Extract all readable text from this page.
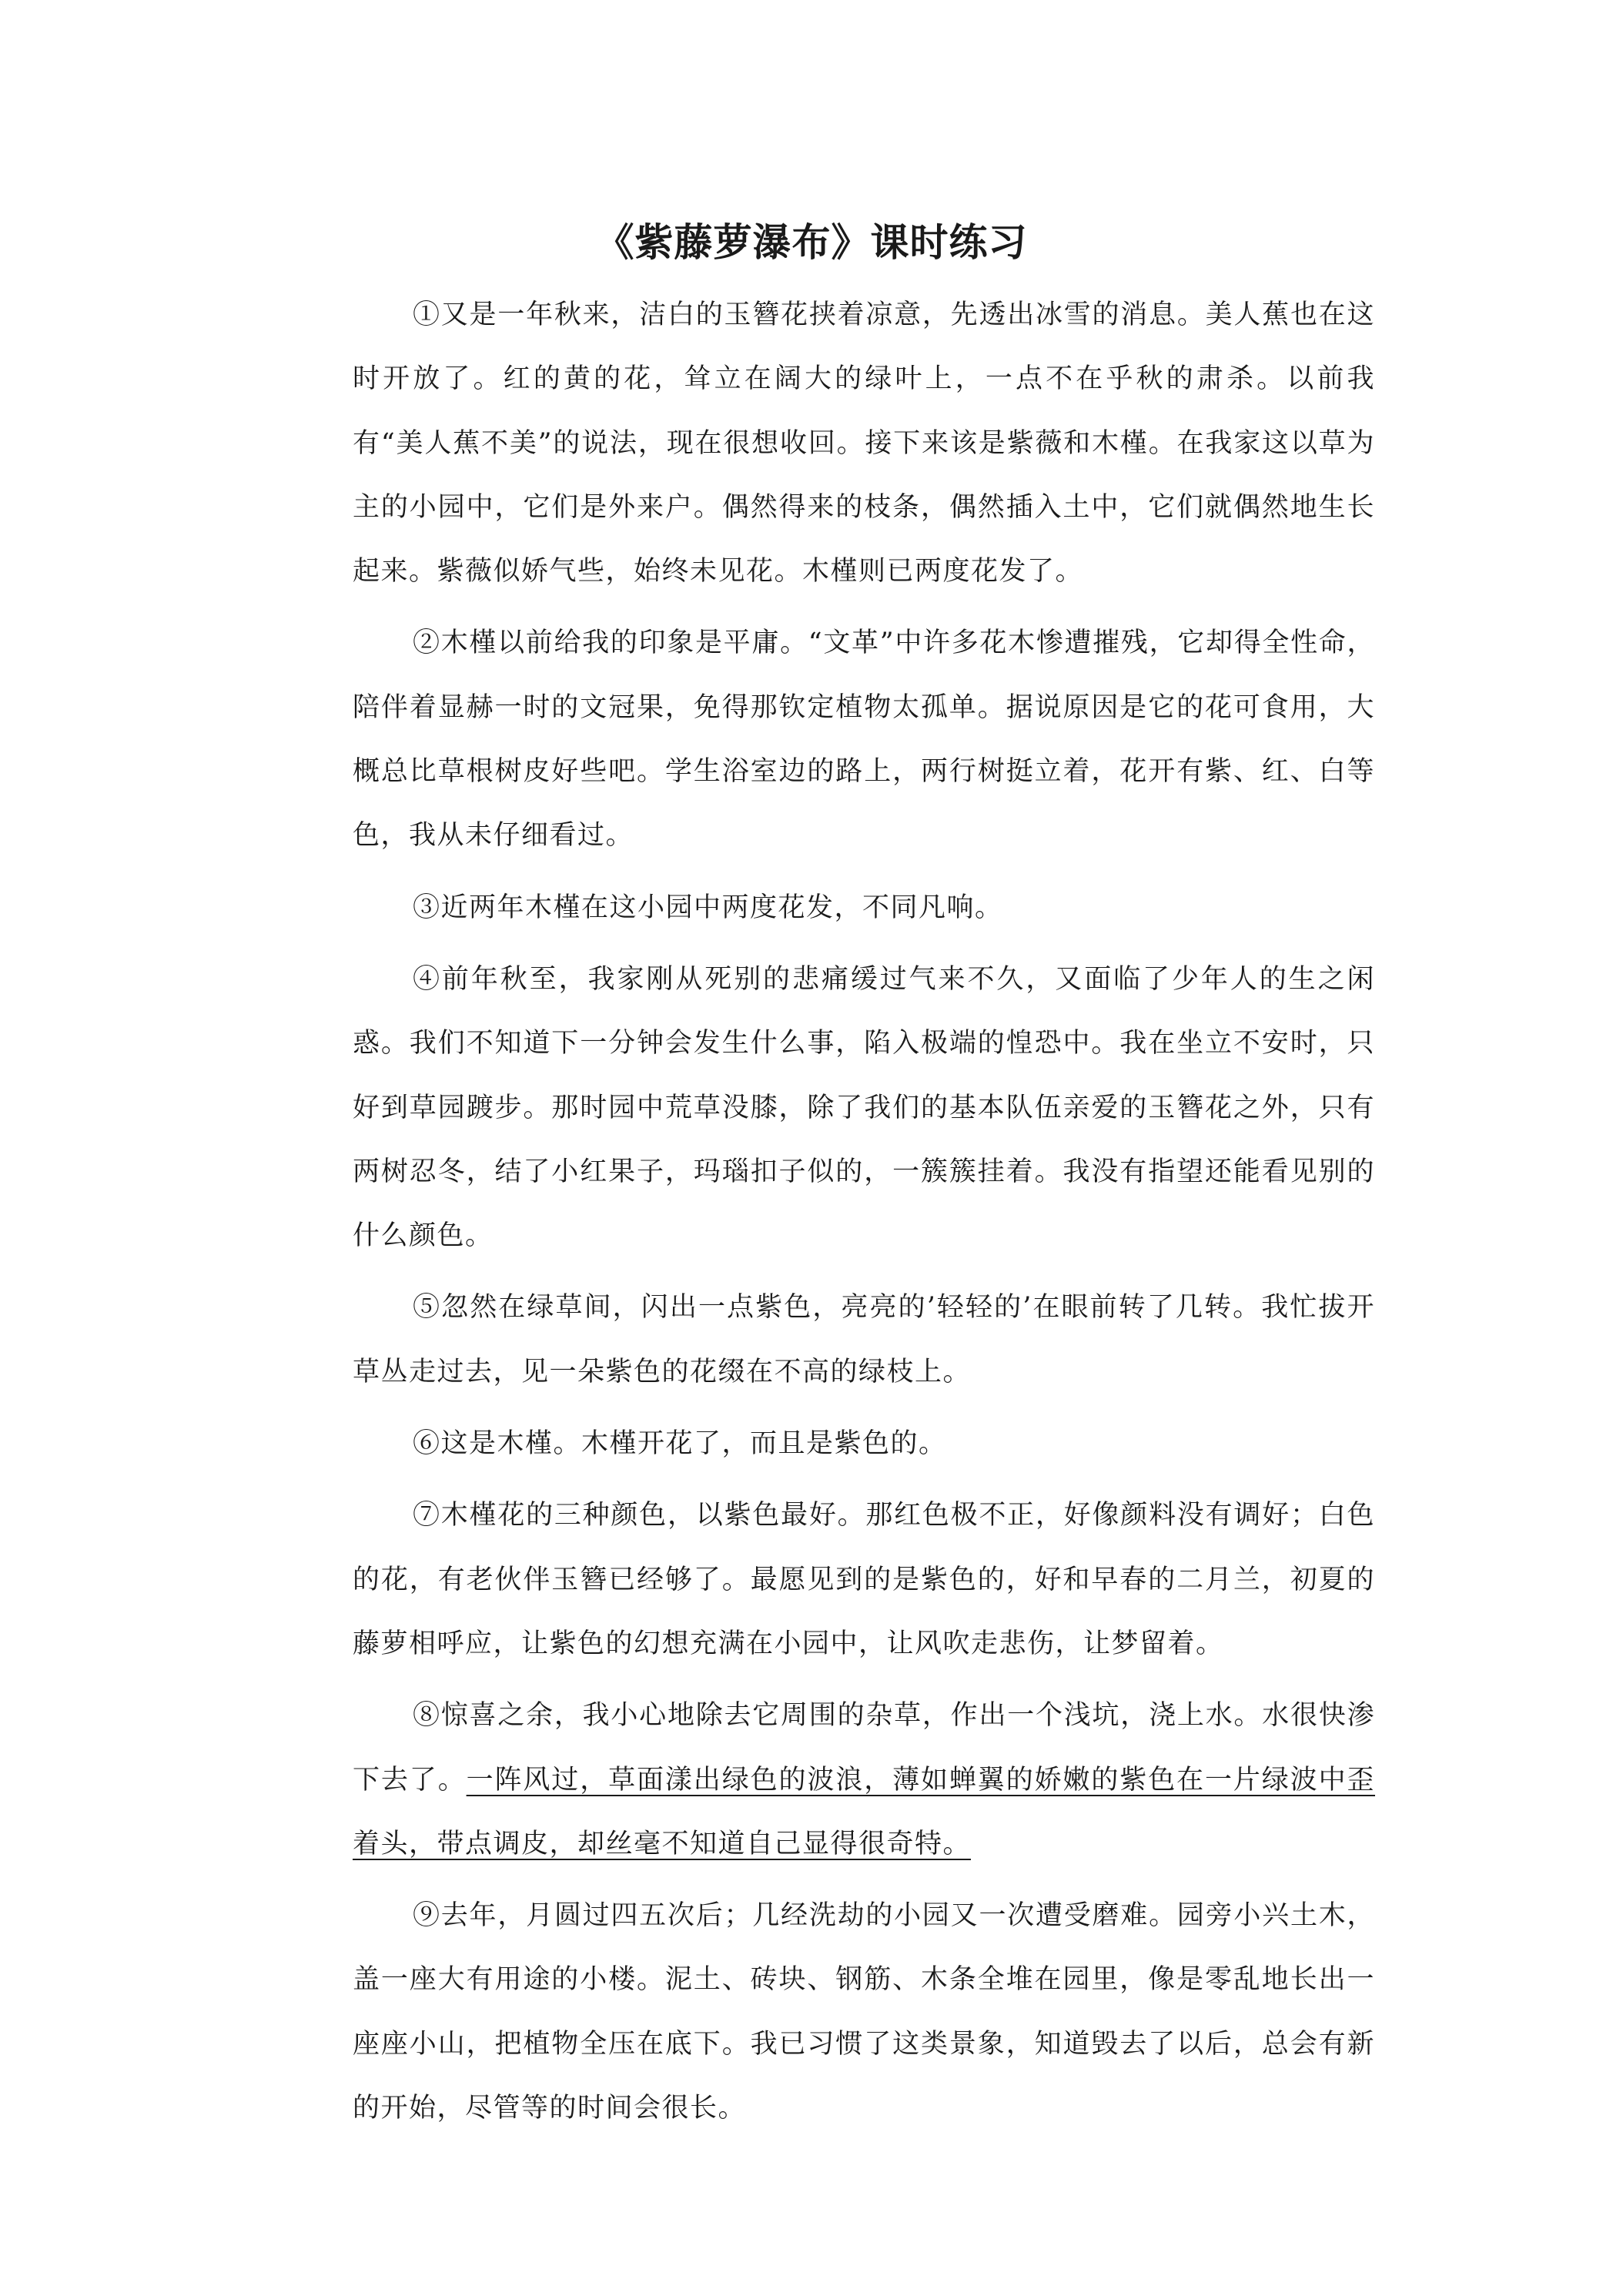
《紫藤萝瀑布》课时练习

①又是一年秋来，洁白的玉簪花挟着凉意，先透出冰雪的消息。美人蕉也在这时开放了。红的黄的花，耸立在阔大的绿叶上，一点不在乎秋的肃杀。以前我有“美人蕉不美”的说法，现在很想收回。接下来该是紫薇和木槿。在我家这以草为主的小园中，它们是外来户。偶然得来的枝条，偶然插入土中，它们就偶然地生长起来。紫薇似娇气些，始终未见花。木槿则已两度花发了。

②木槿以前给我的印象是平庸。“文革”中许多花木惨遭摧残，它却得全性命，陪伴着显赫一时的文冠果，免得那钦定植物太孤单。据说原因是它的花可食用，大概总比草根树皮好些吧。学生浴室边的路上，两行树挺立着，花开有紫、红、白等色，我从未仔细看过。

③近两年木槿在这小园中两度花发，不同凡响。

④前年秋至，我家刚从死别的悲痛缓过气来不久，又面临了少年人的生之闲惑。我们不知道下一分钟会发生什么事，陷入极端的惶恐中。我在坐立不安时，只好到草园踱步。那时园中荒草没膝，除了我们的基本队伍亲爱的玉簪花之外，只有两树忍冬，结了小红果子，玛瑙扣子似的，一簇簇挂着。我没有指望还能看见别的什么颜色。

⑤忽然在绿草间，闪出一点紫色，亮亮的’轻轻的’在眼前转了几转。我忙拔开草丛走过去，见一朵紫色的花缀在不高的绿枝上。

⑥这是木槿。木槿开花了，而且是紫色的。

⑦木槿花的三种颜色，以紫色最好。那红色极不正，好像颜料没有调好；白色的花，有老伙伴玉簪已经够了。最愿见到的是紫色的，好和早春的二月兰，初夏的藤萝相呼应，让紫色的幻想充满在小园中，让风吹走悲伤，让梦留着。

⑧惊喜之余，我小心地除去它周围的杂草，作出一个浅坑，浇上水。水很快渗下去了。一阵风过，草面漾出绿色的波浪，薄如蝉翼的娇嫩的紫色在一片绿波中歪着头，带点调皮，却丝毫不知道自己显得很奇特。

⑨去年，月圆过四五次后；几经洗劫的小园又一次遭受磨难。园旁小兴土木，盖一座大有用途的小楼。泥土、砖块、钢筋、木条全堆在园里，像是零乱地长出一座座小山，把植物全压在底下。我已习惯了这类景象，知道毁去了以后，总会有新的开始，尽管等的时间会很长。
